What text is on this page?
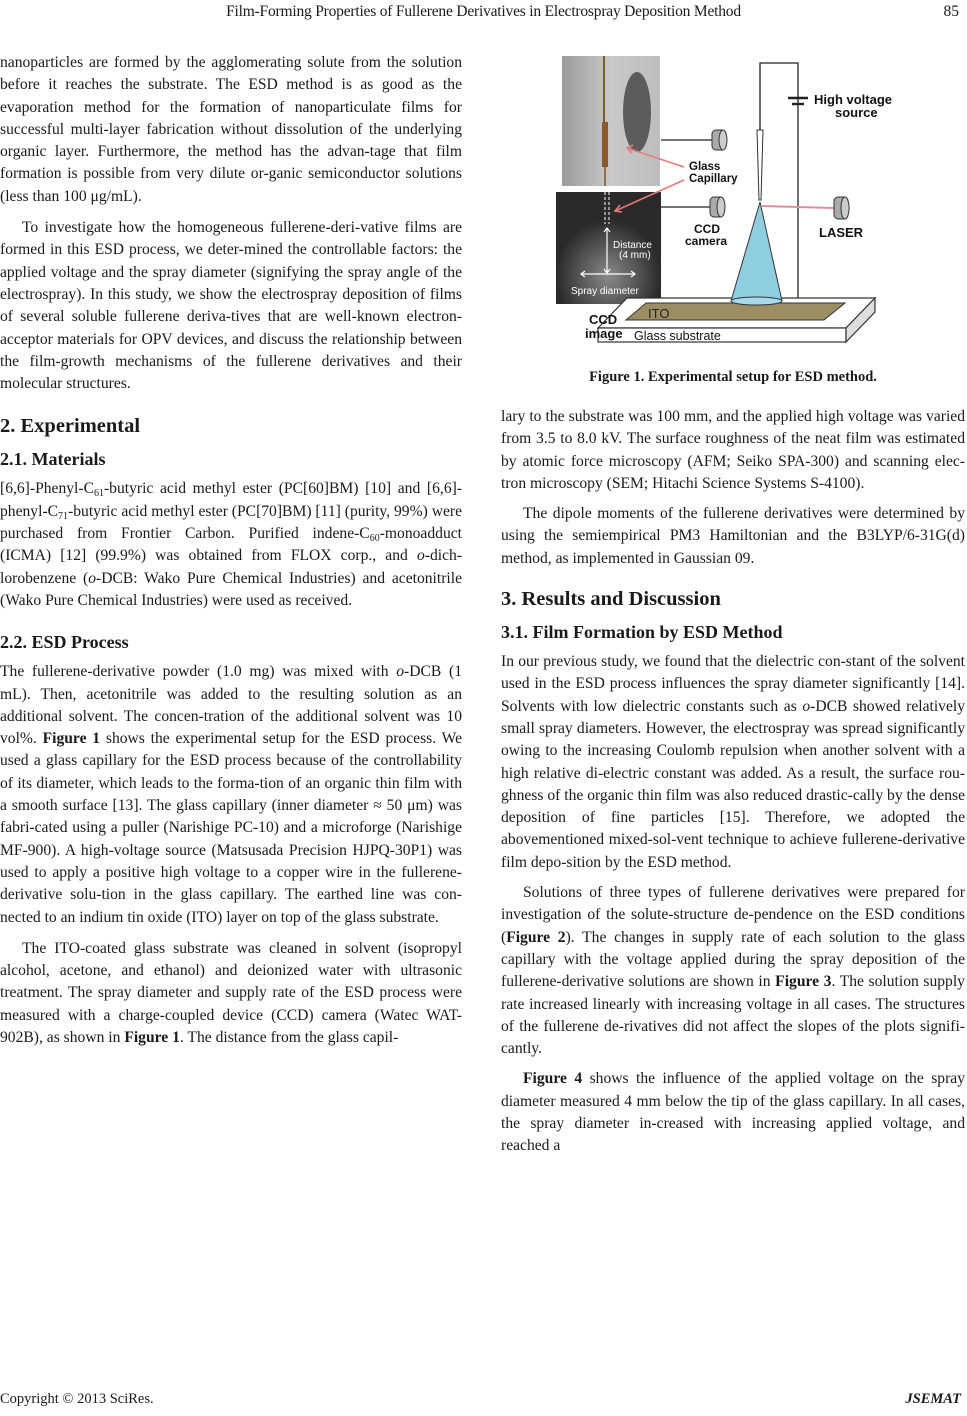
Film-Forming Properties of Fullerene Derivatives in Electrospray Deposition Method	85

nanoparticles are formed by the agglomerating solute from the solution before it reaches the substrate. The ESD method is as good as the evaporation method for the formation of nanoparticulate films for successful multi-layer fabrication without dissolution of the underlying organic layer. Furthermore, the method has the advan-tage that film formation is possible from very dilute or-ganic semiconductor solutions (less than 100 μg/mL).

To investigate how the homogeneous fullerene-deri-vative films are formed in this ESD process, we deter-mined the controllable factors: the applied voltage and the spray diameter (signifying the spray angle of the electrospray). In this study, we show the electrospray deposition of films of several soluble fullerene deriva-tives that are well-known electron-acceptor materials for OPV devices, and discuss the relationship between the film-growth mechanisms of the fullerene derivatives and their molecular structures.

2. Experimental
2.1. Materials

$[6,6]-Phenyl-C_{61}$-butyric acid methyl ester (PC[60]BM) [10] and $[6,6]-phenyl-C_{71}$-butyric acid methyl ester (PC[70]BM) [11] (purity, 99%) were purchased from Frontier Carbon. Purified indene-$C_{60}$-monoadduct (ICMA) [12] (99.9%) was obtained from FLOX corp., and o-dich-lorobenzene (o-DCB: Wako Pure Chemical Industries) and acetonitrile (Wako Pure Chemical Industries) were used as received.

2.2. ESD Process

The fullerene-derivative powder (1.0 mg) was mixed with o-DCB (1 mL). Then, acetonitrile was added to the resulting solution as an additional solvent. The concen-tration of the additional solvent was 10 vol%. Figure 1 shows the experimental setup for the ESD process. We used a glass capillary for the ESD process because of the controllability of its diameter, which leads to the forma-tion of an organic thin film with a smooth surface [13]. The glass capillary (inner diameter ≈ 50 μm) was fabri-cated using a puller (Narishige PC-10) and a microforge (Narishige MF-900). A high-voltage source (Matsusada Precision HJPQ-30P1) was used to apply a positive high voltage to a copper wire in the fullerene-derivative solu-tion in the glass capillary. The earthed line was con-nected to an indium tin oxide (ITO) layer on top of the glass substrate.

The ITO-coated glass substrate was cleaned in solvent (isopropyl alcohol, acetone, and ethanol) and deionized water with ultrasonic treatment. The spray diameter and supply rate of the ESD process were measured with a charge-coupled device (CCD) camera (Watec WAT-902B), as shown in Figure 1. The distance from the glass capil-

Distance
(4 mm)
Spray diameter
Glass
Capillary
CCD
camera
High voltage
source
ITO
Glass substrate
LASER
CCD
image
Figure 1. Experimental setup for ESD method.

lary to the substrate was 100 mm, and the applied high voltage was varied from 3.5 to 8.0 kV. The surface roughness of the neat film was estimated by atomic force microscopy (AFM; Seiko SPA-300) and scanning elec-tron microscopy (SEM; Hitachi Science Systems S-4100).

The dipole moments of the fullerene derivatives were determined by using the semiempirical PM3 Hamiltonian and the B3LYP/6-31G(d) method, as implemented in Gaussian 09.

3. Results and Discussion
3.1. Film Formation by ESD Method

In our previous study, we found that the dielectric con-stant of the solvent used in the ESD process influences the spray diameter significantly [14]. Solvents with low dielectric constants such as o-DCB showed relatively small spray diameters. However, the electrospray was spread significantly owing to the increasing Coulomb repulsion when another solvent with a high relative di-electric constant was added. As a result, the surface rou-ghness of the organic thin film was also reduced drastic-cally by the dense deposition of fine particles [15]. Therefore, we adopted the abovementioned mixed-sol-vent technique to achieve fullerene-derivative film depo-sition by the ESD method.

Solutions of three types of fullerene derivatives were prepared for investigation of the solute-structure de-pendence on the ESD conditions (Figure 2). The changes in supply rate of each solution to the glass capillary with the voltage applied during the spray deposition of the fullerene-derivative solutions are shown in Figure 3. The solution supply rate increased linearly with increasing voltage in all cases. The structures of the fullerene de-rivatives did not affect the slopes of the plots signifi-cantly.

Figure 4 shows the influence of the applied voltage on the spray diameter measured 4 mm below the tip of the glass capillary. In all cases, the spray diameter in-creased with increasing applied voltage, and reached a

Copyright © 2013 SciRes.	JSEMAT
